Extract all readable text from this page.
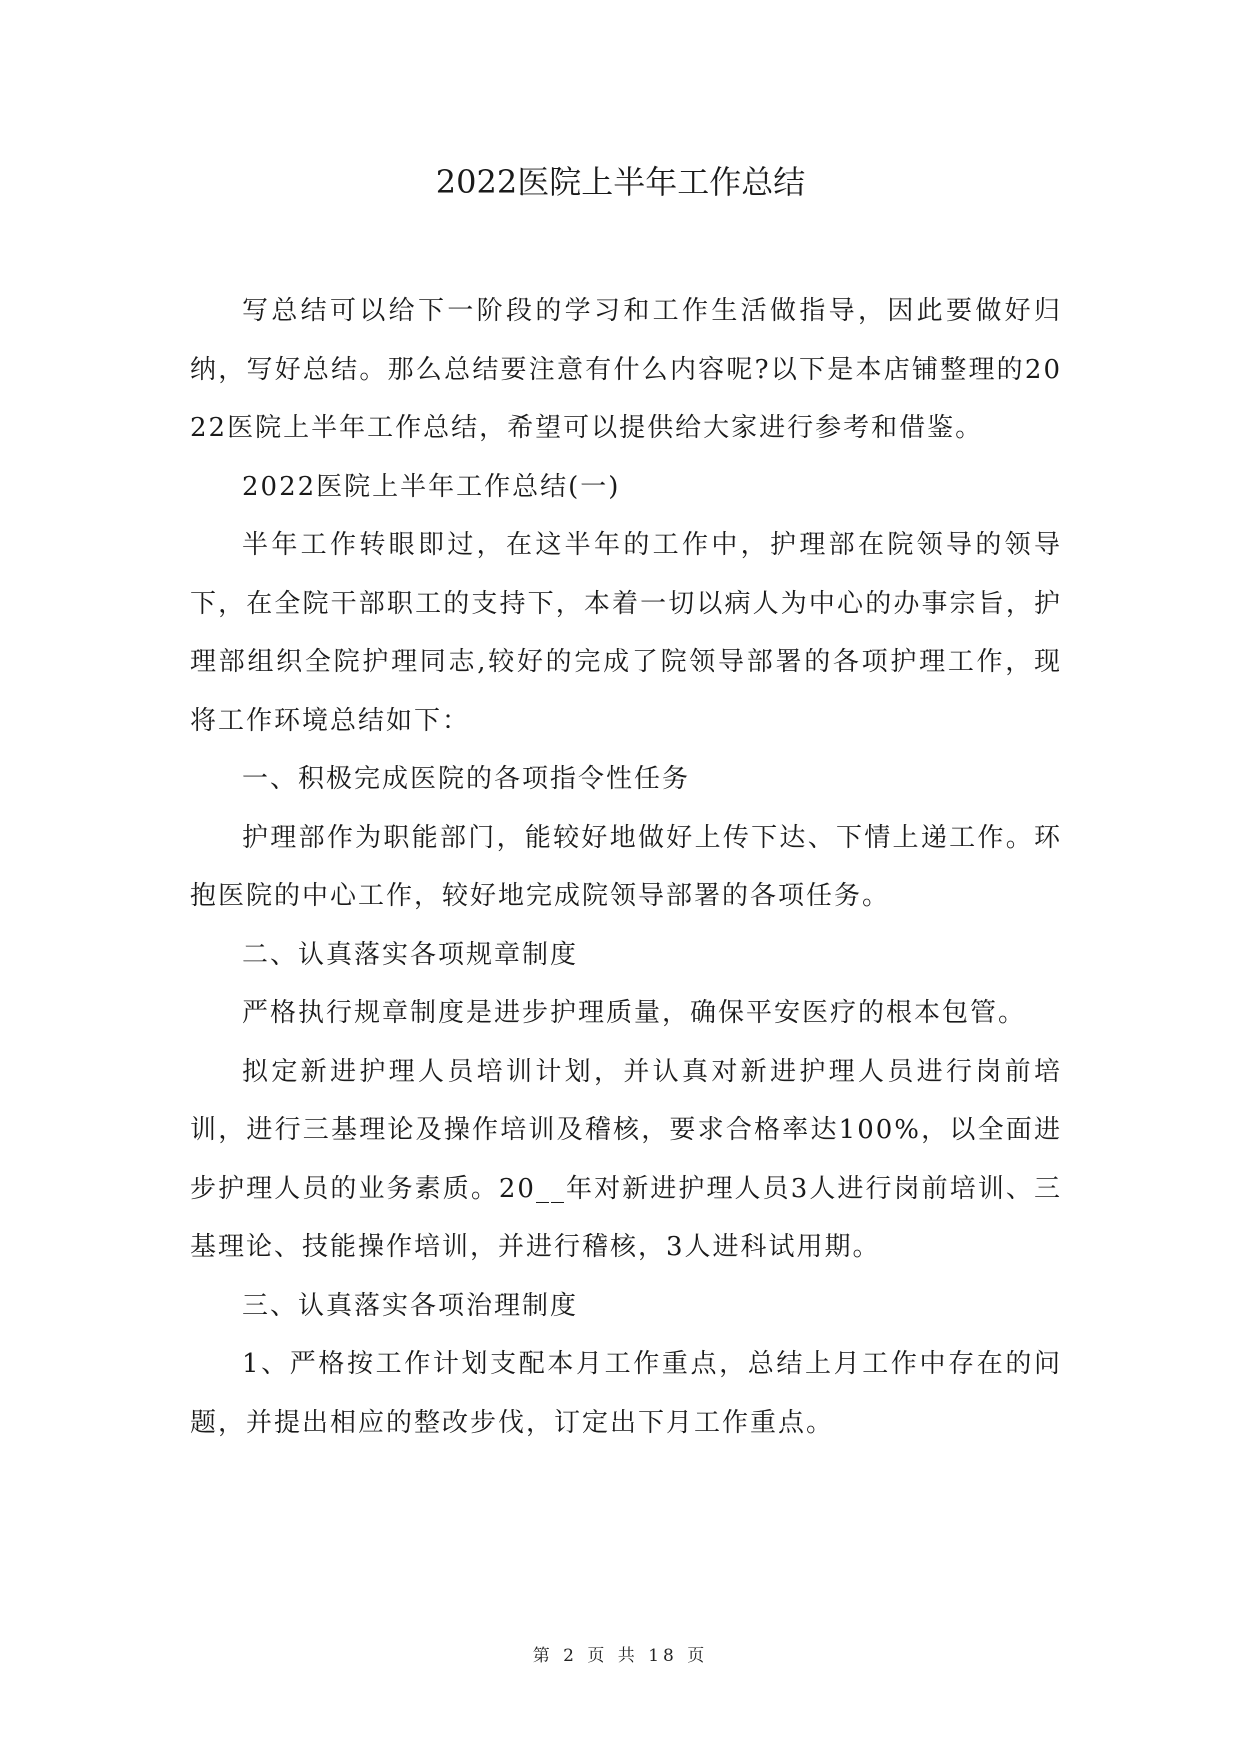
2022医院上半年工作总结

写总结可以给下一阶段的学习和工作生活做指导，因此要做好归纳，写好总结。那么总结要注意有什么内容呢?以下是本店铺整理的2022医院上半年工作总结，希望可以提供给大家进行参考和借鉴。

2022医院上半年工作总结(一)

半年工作转眼即过，在这半年的工作中，护理部在院领导的领导下，在全院干部职工的支持下，本着一切以病人为中心的办事宗旨，护理部组织全院护理同志,较好的完成了院领导部署的各项护理工作，现将工作环境总结如下：

一、积极完成医院的各项指令性任务

护理部作为职能部门，能较好地做好上传下达、下情上递工作。环抱医院的中心工作，较好地完成院领导部署的各项任务。

二、认真落实各项规章制度

严格执行规章制度是进步护理质量，确保平安医疗的根本包管。

拟定新进护理人员培训计划，并认真对新进护理人员进行岗前培训，进行三基理论及操作培训及稽核，要求合格率达100%，以全面进步护理人员的业务素质。20__年对新进护理人员3人进行岗前培训、三基理论、技能操作培训，并进行稽核，3人进科试用期。

三、认真落实各项治理制度

1、严格按工作计划支配本月工作重点，总结上月工作中存在的问题，并提出相应的整改步伐，订定出下月工作重点。

第 2 页 共 18 页
